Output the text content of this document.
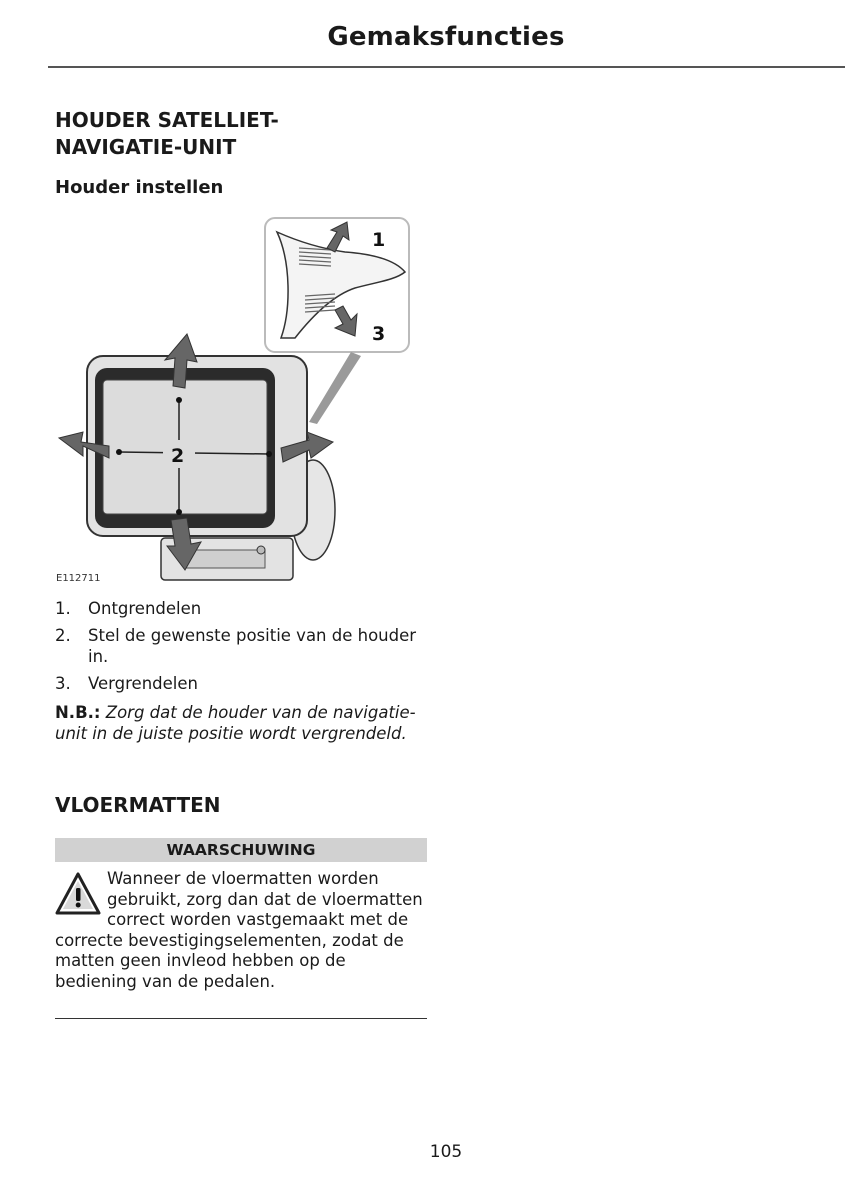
Gemaksfuncties
HOUDER SATELLIET-
NAVIGATIE-UNIT
Houder instellen
1
3
2
E112711
1. Ontgrendelen
2. Stel de gewenste positie van de houder in.
3. Vergrendelen
N.B.: Zorg dat de houder van de navigatie-unit in de juiste positie wordt vergrendeld.
VLOERMATTEN
WAARSCHUWING
Wanneer de vloermatten worden gebruikt, zorg dan dat de vloermatten correct worden vastgemaakt met de correcte bevestigingselementen, zodat de matten geen invleod hebben op de bediening van de pedalen.
105
